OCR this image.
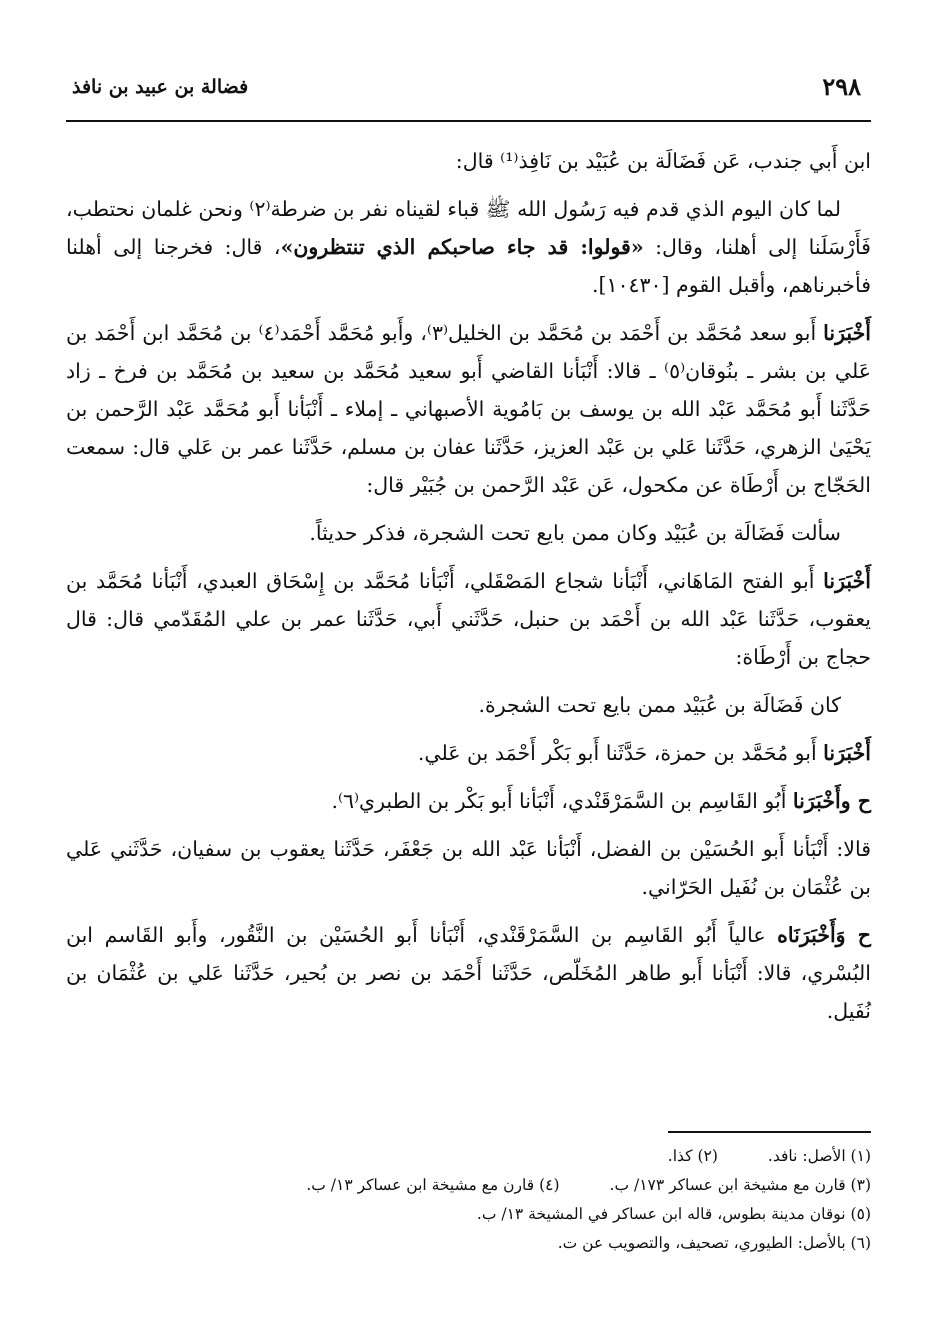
٢٩٨
فضالة بن عبيد بن نافذ

ابن أَبي جندب، عَن فَضَالَة بن عُبَيْد بن نَافِذ⁽¹⁾ قال:

لما كان اليوم الذي قدم فيه رَسُول الله ﷺ قباء لقيناه نفر بن ضرطة⁽٢⁾ ونحن غلمان نحتطب، فَأَرْسَلَنا إلى أهلنا، وقال: «قولوا: قد جاء صاحبكم الذي تنتظرون»، قال: فخرجنا إلى أهلنا فأخبرناهم، وأقبل القوم [١٠٤٣٠].

أَخْبَرَنا أَبو سعد مُحَمَّد بن أَحْمَد بن مُحَمَّد بن الخليل⁽٣⁾، وأَبو مُحَمَّد أَحْمَد⁽٤⁾ بن مُحَمَّد ابن أَحْمَد بن عَلي بن بشر ـ بنُوقان⁽٥⁾ ـ قالا: أَنْبَأنا القاضي أَبو سعيد مُحَمَّد بن سعيد بن مُحَمَّد بن فرخ ـ زاد حَدَّثَنا أَبو مُحَمَّد عَبْد الله بن يوسف بن بَامُوية الأصبهاني ـ إملاء ـ أَنْبَأنا أَبو مُحَمَّد عَبْد الرَّحمن بن يَحْيَىٰ الزهري، حَدَّثَنا عَلي بن عَبْد العزيز، حَدَّثَنا عفان بن مسلم، حَدَّثَنا عمر بن عَلي قال: سمعت الحَجّاج بن أَرْطَاة عن مكحول، عَن عَبْد الرَّحمن بن جُبَيْر قال:

سألت فَضَالَة بن عُبَيْد وكان ممن بايع تحت الشجرة، فذكر حديثاً.

أَخْبَرَنا أَبو الفتح المَاهَاني، أَنْبَأنا شجاع المَصْقَلي، أَنْبَأنا مُحَمَّد بن إِسْحَاق العبدي، أَنْبَأنا مُحَمَّد بن يعقوب، حَدَّثَنا عَبْد الله بن أَحْمَد بن حنبل، حَدَّثَني أَبي، حَدَّثَنا عمر بن علي المُقَدّمي قال: قال حجاج بن أَرْطَاة:

كان فَضَالَة بن عُبَيْد ممن بايع تحت الشجرة.

أَخْبَرَنا أَبو مُحَمَّد بن حمزة، حَدَّثَنا أَبو بَكْر أَحْمَد بن عَلي.

ح وأَخْبَرَنا أَبُو القَاسِم بن السَّمَرْقَنْدي، أَنْبَأنا أَبو بَكْر بن الطبري⁽٦⁾.

قالا: أَنْبَأنا أَبو الحُسَيْن بن الفضل، أَنْبَأنا عَبْد الله بن جَعْفَر، حَدَّثَنا يعقوب بن سفيان، حَدَّثَني عَلي بن عُثْمَان بن نُفَيل الحَرّاني.

ح وَأَخْبَرَنَاه عالياً أَبُو القَاسِم بن السَّمَرْقَنْدي، أَنْبَأنا أَبو الحُسَيْن بن النَّقُور، وأَبو القَاسم ابن البُسْري، قالا: أَنْبَأنا أَبو طاهر المُخَلّص، حَدَّثَنا أَحْمَد بن نصر بن بُحير، حَدَّثَنا عَلي بن عُثْمَان بن نُفَيل.

(١) الأصل: نافد.
(٢) كذا.
(٣) قارن مع مشيخة ابن عساكر ١٧٣/ ب.
(٤) قارن مع مشيخة ابن عساكر ١٣/ ب.
(٥) نوقان مدينة بطوس، قاله ابن عساكر في المشيخة ١٣/ ب.
(٦) بالأصل: الطيوري، تصحيف، والتصويب عن ت.
